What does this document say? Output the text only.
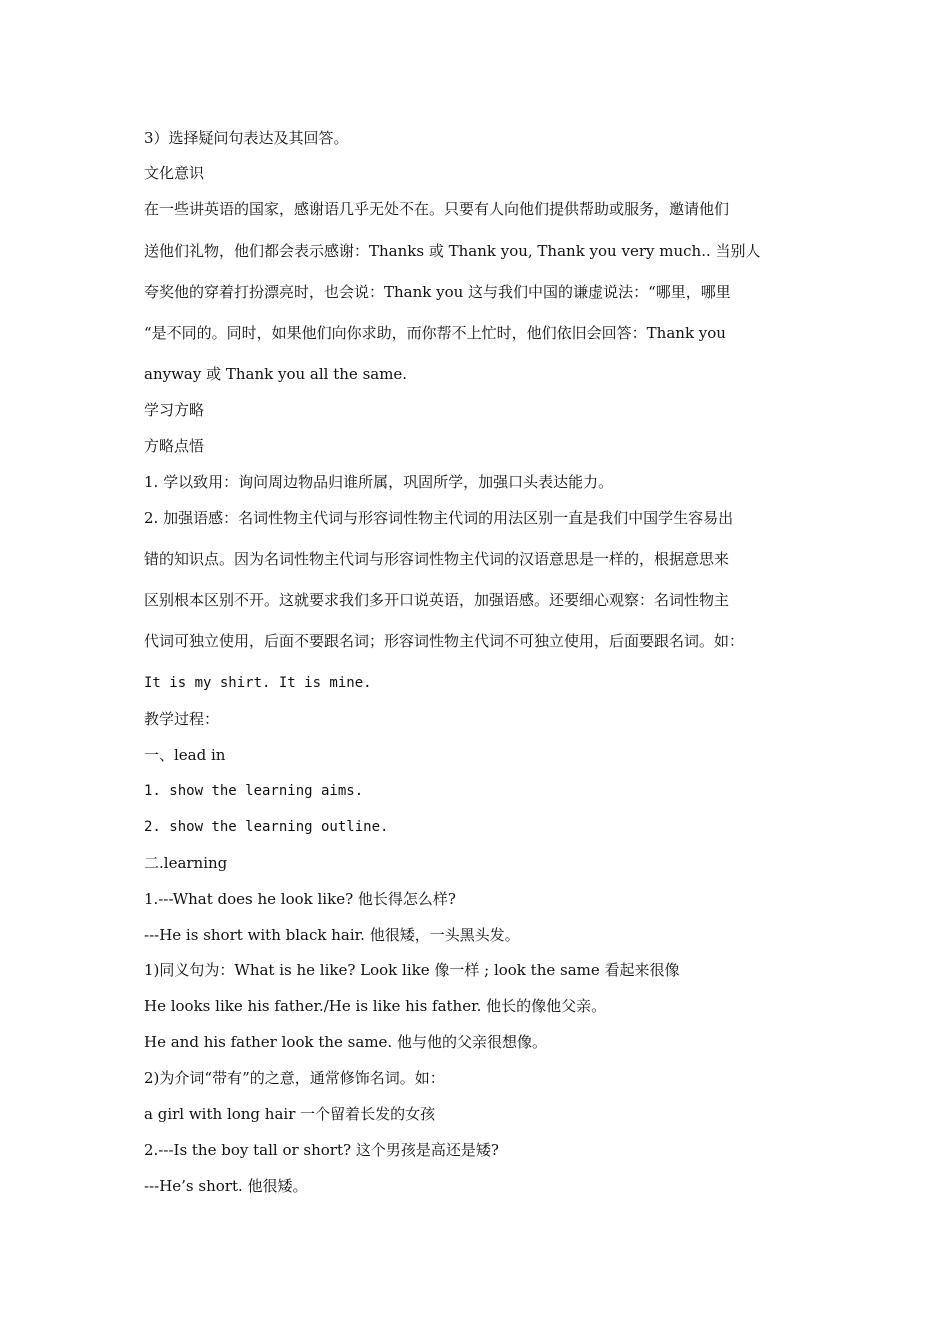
3）选择疑问句表达及其回答。
文化意识
在一些讲英语的国家，感谢语几乎无处不在。只要有人向他们提供帮助或服务，邀请他们
送他们礼物，他们都会表示感谢：Thanks 或 Thank you, Thank you very much.. 当别人
夸奖他的穿着打扮漂亮时，也会说：Thank you 这与我们中国的谦虚说法：“哪里，哪里
“是不同的。同时，如果他们向你求助，而你帮不上忙时，他们依旧会回答：Thank you
anyway 或 Thank you all the same.
学习方略
方略点悟
1. 学以致用：询问周边物品归谁所属，巩固所学，加强口头表达能力。
2. 加强语感：名词性物主代词与形容词性物主代词的用法区别一直是我们中国学生容易出
错的知识点。因为名词性物主代词与形容词性物主代词的汉语意思是一样的，根据意思来
区别根本区别不开。这就要求我们多开口说英语，加强语感。还要细心观察：名词性物主
代词可独立使用，后面不要跟名词；形容词性物主代词不可独立使用，后面要跟名词。如：
It is my shirt. It is mine.
教学过程：
一、lead in
1. show the learning aims.
2. show the learning outline.
二.learning
1.---What does he look like? 他长得怎么样?
---He is short with black hair. 他很矮，一头黑头发。
1)同义句为：What is he like? Look like 像一样 ; look the same 看起来很像
He looks like his father./He is like his father. 他长的像他父亲。
He and his father look the same. 他与他的父亲很想像。
2)为介词“带有”的之意，通常修饰名词。如：
a girl with long hair 一个留着长发的女孩
2.---Is the boy tall or short? 这个男孩是高还是矮?
---He’s short. 他很矮。
